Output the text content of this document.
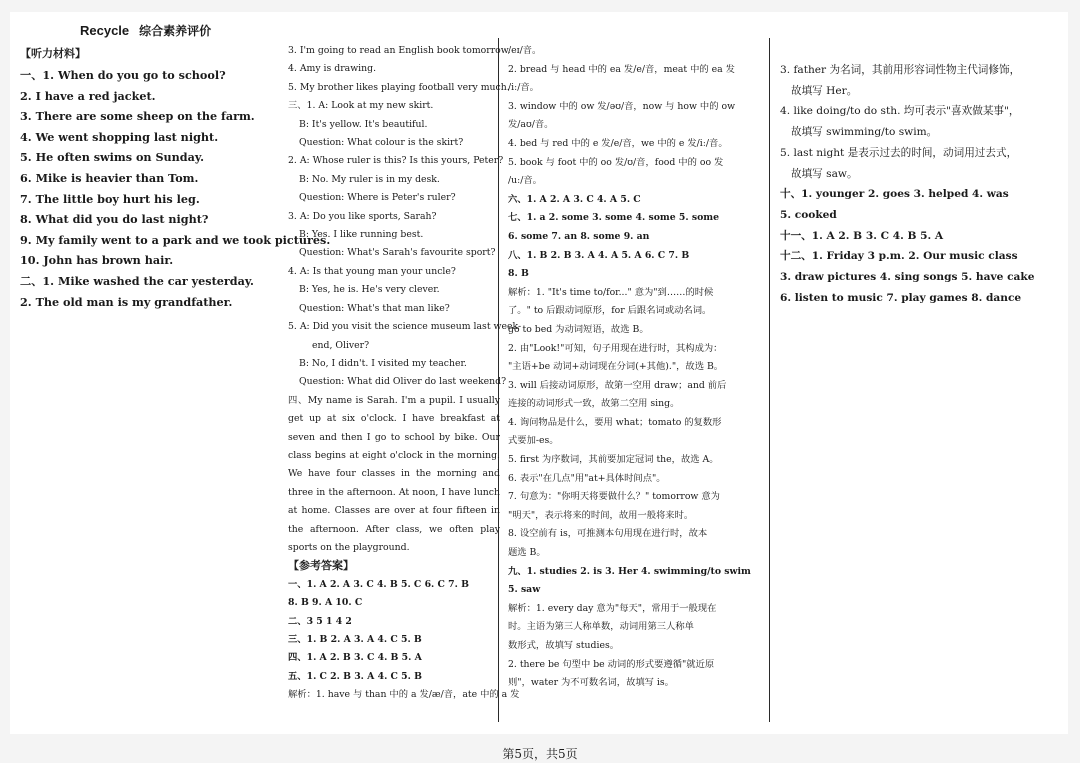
Recycle 综合素养评价
【听力材料】
一、1. When do you go to school?
2. I have a red jacket.
3. There are some sheep on the farm.
4. We went shopping last night.
5. He often swims on Sunday.
6. Mike is heavier than Tom.
7. The little boy hurt his leg.
8. What did you do last night?
9. My family went to a park and we took pictures.
10. John has brown hair.
二、1. Mike washed the car yesterday.
2. The old man is my grandfather.
3. I'm going to read an English book tomorrow.
4. Amy is drawing.
5. My brother likes playing football very much.
三、1. A: Look at my new skirt.
B: It's yellow. It's beautiful.
Question: What colour is the skirt?
2. A: Whose ruler is this? Is this yours, Peter?
B: No. My ruler is in my desk.
Question: Where is Peter's ruler?
3. A: Do you like sports, Sarah?
B: Yes. I like running best.
Question: What's Sarah's favourite sport?
4. A: Is that young man your uncle?
B: Yes, he is. He's very clever.
Question: What's that man like?
5. A: Did you visit the science museum last week-
end, Oliver?
B: No, I didn't. I visited my teacher.
Question: What did Oliver do last weekend?
四、My name is Sarah. I'm a pupil. I usually get up at six o'clock. I have breakfast at seven and then I go to school by bike. Our class begins at eight o'clock in the morning. We have four classes in the morning and three in the afternoon. At noon, I have lunch at home. Classes are over at four fifteen in the afternoon. After class, we often play sports on the playground.
【参考答案】
一、1. A 2. A 3. C 4. B 5. C 6. C 7. B
8. B 9. A 10. C
二、3 5 1 4 2
三、1. B 2. A 3. A 4. C 5. B
四、1. A 2. B 3. C 4. B 5. A
五、1. C 2. B 3. A 4. C 5. B
解析：1. have 与 than 中的 a 发/æ/音，ate 中的 a 发
/eɪ/音。
2. bread 与 head 中的 ea 发/e/音，meat 中的 ea 发
/iː/音。
3. window 中的 ow 发/əʊ/音，now 与 how 中的 ow
发/aʊ/音。
4. bed 与 red 中的 e 发/e/音，we 中的 e 发/iː/音。
5. book 与 foot 中的 oo 发/ʊ/音，food 中的 oo 发
/uː/音。
六、1. A 2. A 3. C 4. A 5. C
七、1. a 2. some 3. some 4. some 5. some
6. some 7. an 8. some 9. an
八、1. B 2. B 3. A 4. A 5. A 6. C 7. B
8. B
解析：1. "It's time to/for..." 意为"到……的时候
了。" to 后跟动词原形，for 后跟名词或动名词。
go to bed 为动词短语，故选 B。
2. 由"Look!"可知，句子用现在进行时，其构成为：
"主语+be 动词+动词现在分词(+其他)."，故选 B。
3. will 后接动词原形，故第一空用 draw；and 前后
连接的动词形式一致，故第二空用 sing。
4. 询问物品是什么，要用 what；tomato 的复数形
式要加-es。
5. first 为序数词，其前要加定冠词 the，故选 A。
6. 表示"在几点"用"at+具体时间点"。
7. 句意为："你明天将要做什么？" tomorrow 意为
"明天"，表示将来的时间，故用一般将来时。
8. 设空前有 is，可推测本句用现在进行时，故本
题选 B。
九、1. studies 2. is 3. Her 4. swimming/to swim
5. saw
解析：1. every day 意为"每天"，常用于一般现在
时。主语为第三人称单数，动词用第三人称单
数形式，故填写 studies。
2. there be 句型中 be 动词的形式要遵循"就近原
则"，water 为不可数名词，故填写 is。
3. father 为名词，其前用形容词性物主代词修饰，
故填写 Her。
4. like doing/to do sth. 均可表示"喜欢做某事"，
故填写 swimming/to swim。
5. last night 是表示过去的时间，动词用过去式，
故填写 saw。
十、1. younger 2. goes 3. helped 4. was
5. cooked
十一、1. A 2. B 3. C 4. B 5. A
十二、1. Friday 3 p.m. 2. Our music class
3. draw pictures 4. sing songs 5. have cake
6. listen to music 7. play games 8. dance
第5页，共5页
